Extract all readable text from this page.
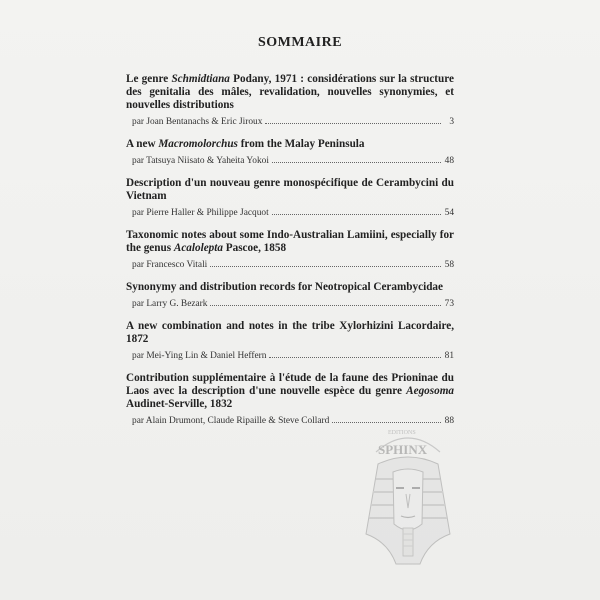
SOMMAIRE
Le genre Schmidtiana Podany, 1971 : considérations sur la structure des genitalia des mâles, revalidation, nouvelles synonymies, et nouvelles distributions
par Joan Bentanachs & Eric Jiroux	3
A new Macromolorchus from the Malay Peninsula
par Tatsuya Niisato & Yaheita Yokoi	48
Description d'un nouveau genre monospécifique de Cerambycini du Vietnam
par Pierre Haller & Philippe Jacquot	54
Taxonomic notes about some Indo-Australian Lamiini, especially for the genus Acalolepta Pascoe, 1858
par Francesco Vitali	58
Synonymy and distribution records for Neotropical Cerambycidae
par Larry G. Bezark	73
A new combination and notes in the tribe Xylorhizini Lacordaire, 1872
par Mei-Ying Lin & Daniel Heffern	81
Contribution supplémentaire à l'étude de la faune des Prioninae du Laos avec la description d'une nouvelle espèce du genre Aegosoma Audinet-Serville, 1832
par Alain Drumont, Claude Ripaille & Steve Collard	88
EDITIONS
SPHINX
